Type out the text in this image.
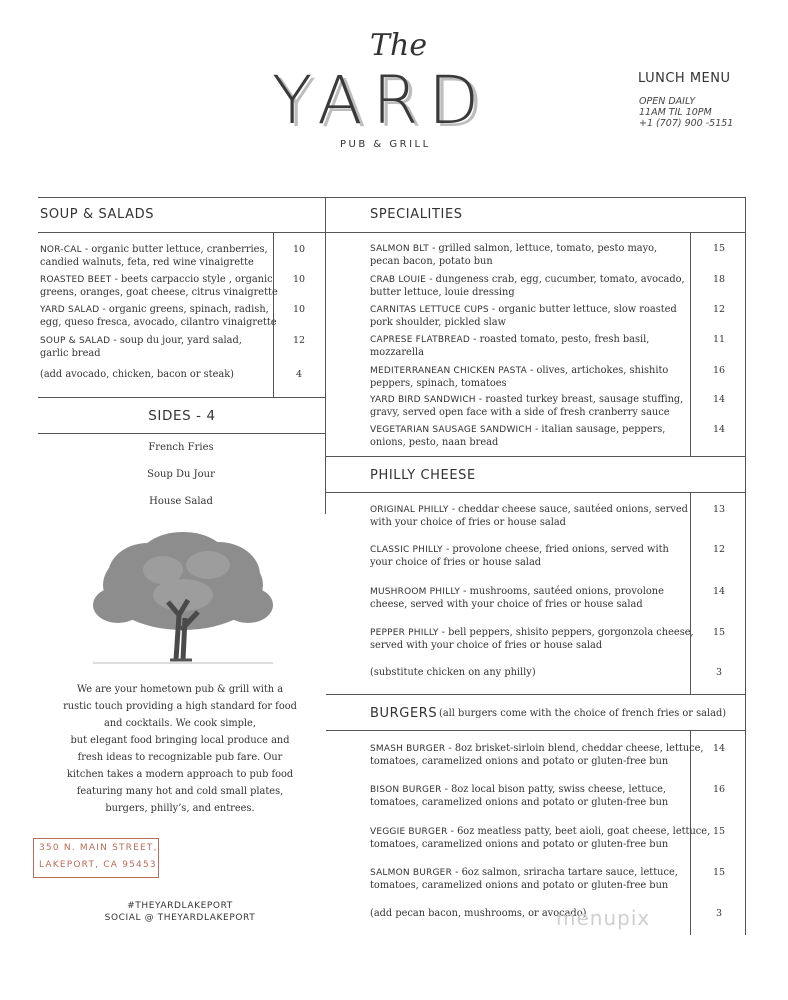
The
YARD
PUB & GRILL
LUNCH MENU
OPEN DAILY
11AM TIL 10PM
+1 (707) 900 -5151
SOUP & SALADS
NOR-CAL - organic butter lettuce, cranberries,
candied walnuts, feta, red wine vinaigrette
10
ROASTED BEET - beets carpaccio style , organic
greens, oranges, goat cheese, citrus vinaigrette
10
YARD SALAD - organic greens, spinach, radish,
egg, queso fresca, avocado, cilantro vinaigrette
10
SOUP & SALAD - soup du jour, yard salad,
garlic bread
12
(add avocado, chicken, bacon or steak)	4
SIDES - 4
French Fries
Soup Du Jour
House Salad
We are your hometown pub & grill with a
rustic touch providing a high standard for food
and cocktails. We cook simple,
but elegant food bringing local produce and
fresh ideas to recognizable pub fare. Our
kitchen takes a modern approach to pub food
featuring many hot and cold small plates,
burgers, philly’s, and entrees.
350 N. MAIN STREET,
LAKEPORT, CA 95453
#THEYARDLAKEPORT
SOCIAL @ THEYARDLAKEPORT
SPECIALITIES
SALMON BLT - grilled salmon, lettuce, tomato, pesto mayo,
pecan bacon, potato bun
15
CRAB LOUIE - dungeness crab, egg, cucumber, tomato, avocado,
butter lettuce, louie dressing
18
CARNITAS LETTUCE CUPS - organic butter lettuce, slow roasted
pork shoulder, pickled slaw
12
CAPRESE FLATBREAD - roasted tomato, pesto, fresh basil,
mozzarella
11
MEDITERRANEAN CHICKEN PASTA - olives, artichokes, shishito
peppers, spinach, tomatoes
16
YARD BIRD SANDWICH - roasted turkey breast, sausage stuffing,
gravy, served open face with a side of fresh cranberry sauce
14
VEGETARIAN SAUSAGE SANDWICH - italian sausage, peppers,
onions, pesto, naan bread
14
PHILLY CHEESE
ORIGINAL PHILLY - cheddar cheese sauce, sautéed onions, served
with your choice of fries or house salad
13
CLASSIC PHILLY - provolone cheese, fried onions, served with
your choice of fries or house salad
12
MUSHROOM PHILLY - mushrooms, sautéed onions, provolone
cheese, served with your choice of fries or house salad
14
PEPPER PHILLY - bell peppers, shisito peppers, gorgonzola cheese,
served with your choice of fries or house salad
15
(substitute chicken on any philly)	3
BURGERS (all burgers come with the choice of french fries or salad)
SMASH BURGER - 8oz brisket-sirloin blend, cheddar cheese, lettuce,
tomatoes, caramelized onions and potato or gluten-free bun
14
BISON BURGER - 8oz local bison patty, swiss cheese, lettuce,
tomatoes, caramelized onions and potato or gluten-free bun
16
VEGGIE BURGER - 6oz meatless patty, beet aioli, goat cheese, lettuce,
tomatoes, caramelized onions and potato or gluten-free bun
15
SALMON BURGER - 6oz salmon, sriracha tartare sauce, lettuce,
tomatoes, caramelized onions and potato or gluten-free bun
15
(add pecan bacon, mushrooms, or avocado)	3
menupix
